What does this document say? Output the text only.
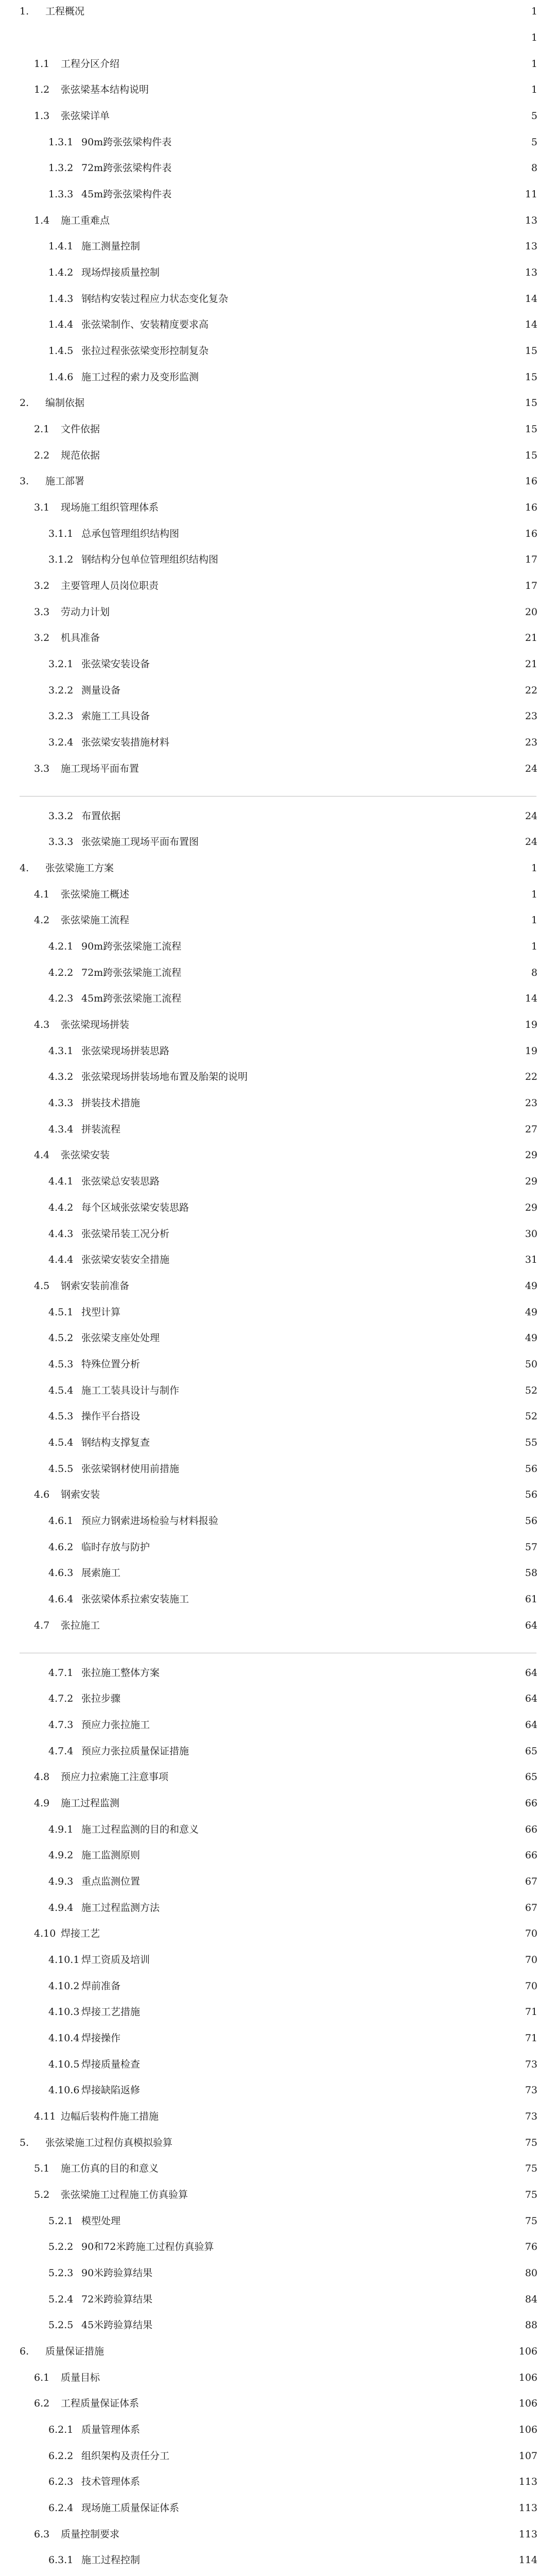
1. 工程概况	1
1
1.1 工程分区介绍	1
1.2 张弦梁基本结构说明	1
1.3 张弦梁详单	5
1.3.1 90m跨张弦梁构件表	5
1.3.2 72m跨张弦梁构件表	8
1.3.3 45m跨张弦梁构件表	11
1.4 施工重难点	13
1.4.1 施工测量控制	13
1.4.2 现场焊接质量控制	13
1.4.3 钢结构安装过程应力状态变化复杂	14
1.4.4 张弦梁制作、安装精度要求高	14
1.4.5 张拉过程张弦梁变形控制复杂	15
1.4.6 施工过程的索力及变形监测	15
2. 编制依据	15
2.1 文件依据	15
2.2 规范依据	15
3. 施工部署	16
3.1 现场施工组织管理体系	16
3.1.1 总承包管理组织结构图	16
3.1.2 钢结构分包单位管理组织结构图	17
3.2 主要管理人员岗位职责	17
3.3 劳动力计划	20
3.2 机具准备	21
3.2.1 张弦梁安装设备	21
3.2.2 测量设备	22
3.2.3 索施工工具设备	23
3.2.4 张弦梁安装措施材料	23
3.3 施工现场平面布置	24
3.3.2 布置依据	24
3.3.3 张弦梁施工现场平面布置图	24
4. 张弦梁施工方案	1
4.1 张弦梁施工概述	1
4.2 张弦梁施工流程	1
4.2.1 90m跨张弦梁施工流程	1
4.2.2 72m跨张弦梁施工流程	8
4.2.3 45m跨张弦梁施工流程	14
4.3 张弦梁现场拼装	19
4.3.1 张弦梁现场拼装思路	19
4.3.2 张弦梁现场拼装场地布置及胎架的说明	22
4.3.3 拼装技术措施	23
4.3.4 拼装流程	27
4.4 张弦梁安装	29
4.4.1 张弦梁总安装思路	29
4.4.2 每个区域张弦梁安装思路	29
4.4.3 张弦梁吊装工况分析	30
4.4.4 张弦梁安装安全措施	31
4.5 钢索安装前准备	49
4.5.1 找型计算	49
4.5.2 张弦梁支座处处理	49
4.5.3 特殊位置分析	50
4.5.4 施工工装具设计与制作	52
4.5.3 操作平台搭设	52
4.5.4 钢结构支撑复查	55
4.5.5 张弦梁钢材使用前措施	56
4.6 钢索安装	56
4.6.1 预应力钢索进场检验与材料报验	56
4.6.2 临时存放与防护	57
4.6.3 展索施工	58
4.6.4 张弦梁体系拉索安装施工	61
4.7 张拉施工	64
4.7.1 张拉施工整体方案	64
4.7.2 张拉步骤	64
4.7.3 预应力张拉施工	64
4.7.4 预应力张拉质量保证措施	65
4.8 预应力拉索施工注意事项	65
4.9 施工过程监测	66
4.9.1 施工过程监测的目的和意义	66
4.9.2 施工监测原则	66
4.9.3 重点监测位置	67
4.9.4 施工过程监测方法	67
4.10 焊接工艺	70
4.10.1 焊工资质及培训	70
4.10.2 焊前准备	70
4.10.3 焊接工艺措施	71
4.10.4 焊接操作	71
4.10.5 焊接质量检查	73
4.10.6 焊接缺陷返修	73
4.11 边幅后装构件施工措施	73
5. 张弦梁施工过程仿真模拟验算	75
5.1 施工仿真的目的和意义	75
5.2 张弦梁施工过程施工仿真验算	75
5.2.1 模型处理	75
5.2.2 90和72米跨施工过程仿真验算	76
5.2.3 90米跨验算结果	80
5.2.4 72米跨验算结果	84
5.2.5 45米跨验算结果	88
6. 质量保证措施	106
6.1 质量目标	106
6.2 工程质量保证体系	106
6.2.1 质量管理体系	106
6.2.2 组织架构及责任分工	107
6.2.3 技术管理体系	113
6.2.4 现场施工质量保证体系	113
6.3 质量控制要求	113
6.3.1 施工过程控制	114
